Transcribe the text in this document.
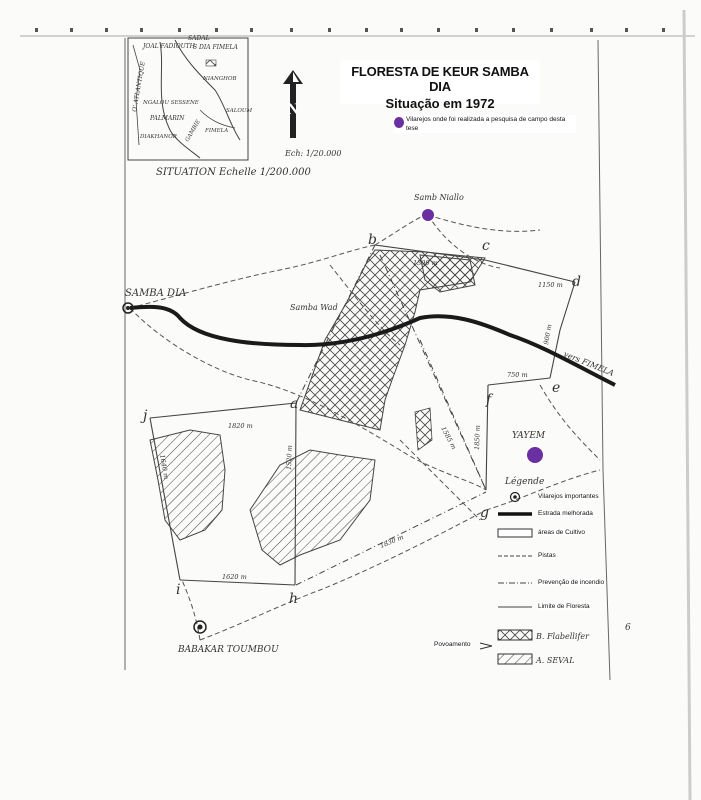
JOAL FADIOUTH
SADAL
S DIA FIMELA
NIANGHOB
O' ATLANTIQUE
NGALOU SESSENE
PALMARIN
DIAKHANOR GAMBIE FIMELA
SALOUM
SITUATION Echelle 1/200.000
N
Ech: 1/20.000
SAMBA DIA
Samb Niallo
Samba Wad
vers FIMELA
YAYEM
BABAKAR TOUMBOU
b	c
d
e
f
g
h
i
j
a
1390 m
1150 m
900 m
750 m
1820 m	1585 m 1850 m
1830 m
1620 m
1640 m	1520 m
Légende
B. Flabellifer
A. SEVAL
6
FLORESTA DE KEUR SAMBA DIA
Situação em 1972
Vilarejos onde foi realizada a pesquisa de campo desta tese
Vilarejos importantes
Estrada melhorada
áreas de Cultivo
Pistas
Prevenção de incendio
Limite de Floresta
Povoamento
